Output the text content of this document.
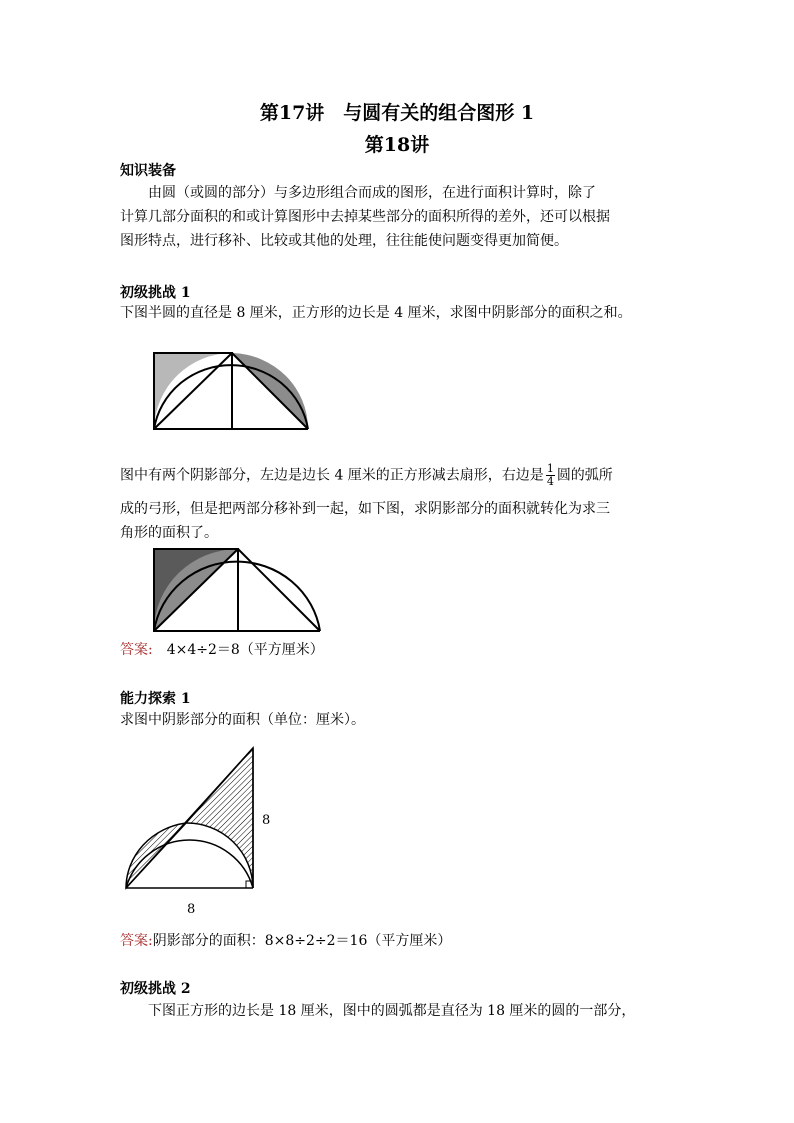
第17讲　与圆有关的组合图形 1
第18讲
知识装备
　　由圆（或圆的部分）与多边形组合而成的图形，在进行面积计算时，除了
计算几部分面积的和或计算图形中去掉某些部分的面积所得的差外，还可以根据
图形特点，进行移补、比较或其他的处理，往往能使问题变得更加简便。
初级挑战 1
下图半圆的直径是 8 厘米，正方形的边长是 4 厘米，求图中阴影部分的面积之和。
图中有两个阴影部分，左边是边长 4 厘米的正方形减去扇形，右边是 $\frac{1}{4}$ 圆的弧所
成的弓形，但是把两部分移补到一起，如下图，求阴影部分的面积就转化为求三
角形的面积了。
答案:　4×4÷2＝8（平方厘米）
能力探索 1
求图中阴影部分的面积（单位：厘米）。
8
8
答案:阴影部分的面积：8×8÷2÷2＝16（平方厘米）
初级挑战 2
　　下图正方形的边长是 18 厘米，图中的圆弧都是直径为 18 厘米的圆的一部分，
